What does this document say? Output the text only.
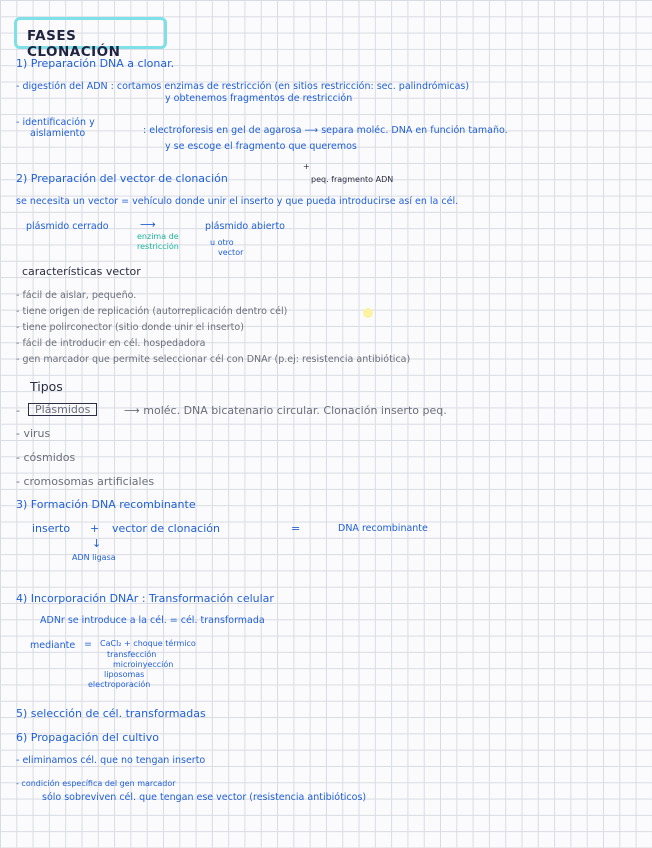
FASES CLONACIÓN
1) Preparación DNA a clonar.
- digestión del ADN : cortamos enzimas de restricción (en sitios restricción: sec. palindrómicas)
y obtenemos fragmentos de restricción
- identificación y
aislamiento	: electroforesis en gel de agarosa ⟶ separa moléc. DNA en función tamaño.
y se escoge el fragmento que queremos
+
2) Preparación del vector de clonación	peq. fragmento ADN
se necesita un vector = vehículo donde unir el inserto y que pueda introducirse así en la cél.
plásmido cerrado	⟶	plásmido abierto
enzima de
restricción	u otro
vector
características vector
- fácil de aislar, pequeño.
- tiene origen de replicación (autorreplicación dentro cél)
- tiene polirconector (sitio donde unir el inserto)
- fácil de introducir en cél. hospedadora
- gen marcador que permite seleccionar cél con DNAr (p.ej: resistencia antibiótica)
Tipos
-	Plásmidos	⟶ moléc. DNA bicatenario circular. Clonación inserto peq.
- virus
- cósmidos
- cromosomas artificiales
3) Formación DNA recombinante
inserto + vector de clonación	=	DNA recombinante
↓
ADN ligasa
4) Incorporación DNAr : Transformación celular
ADNr se introduce a la cél. = cél. transformada
mediante = CaCl₂ + choque térmico
transfección
microinyección
liposomas
electroporación
5) selección de cél. transformadas
6) Propagación del cultivo
- eliminamos cél. que no tengan inserto
- condición específica del gen marcador
sólo sobreviven cél. que tengan ese vector (resistencia antibióticos)
